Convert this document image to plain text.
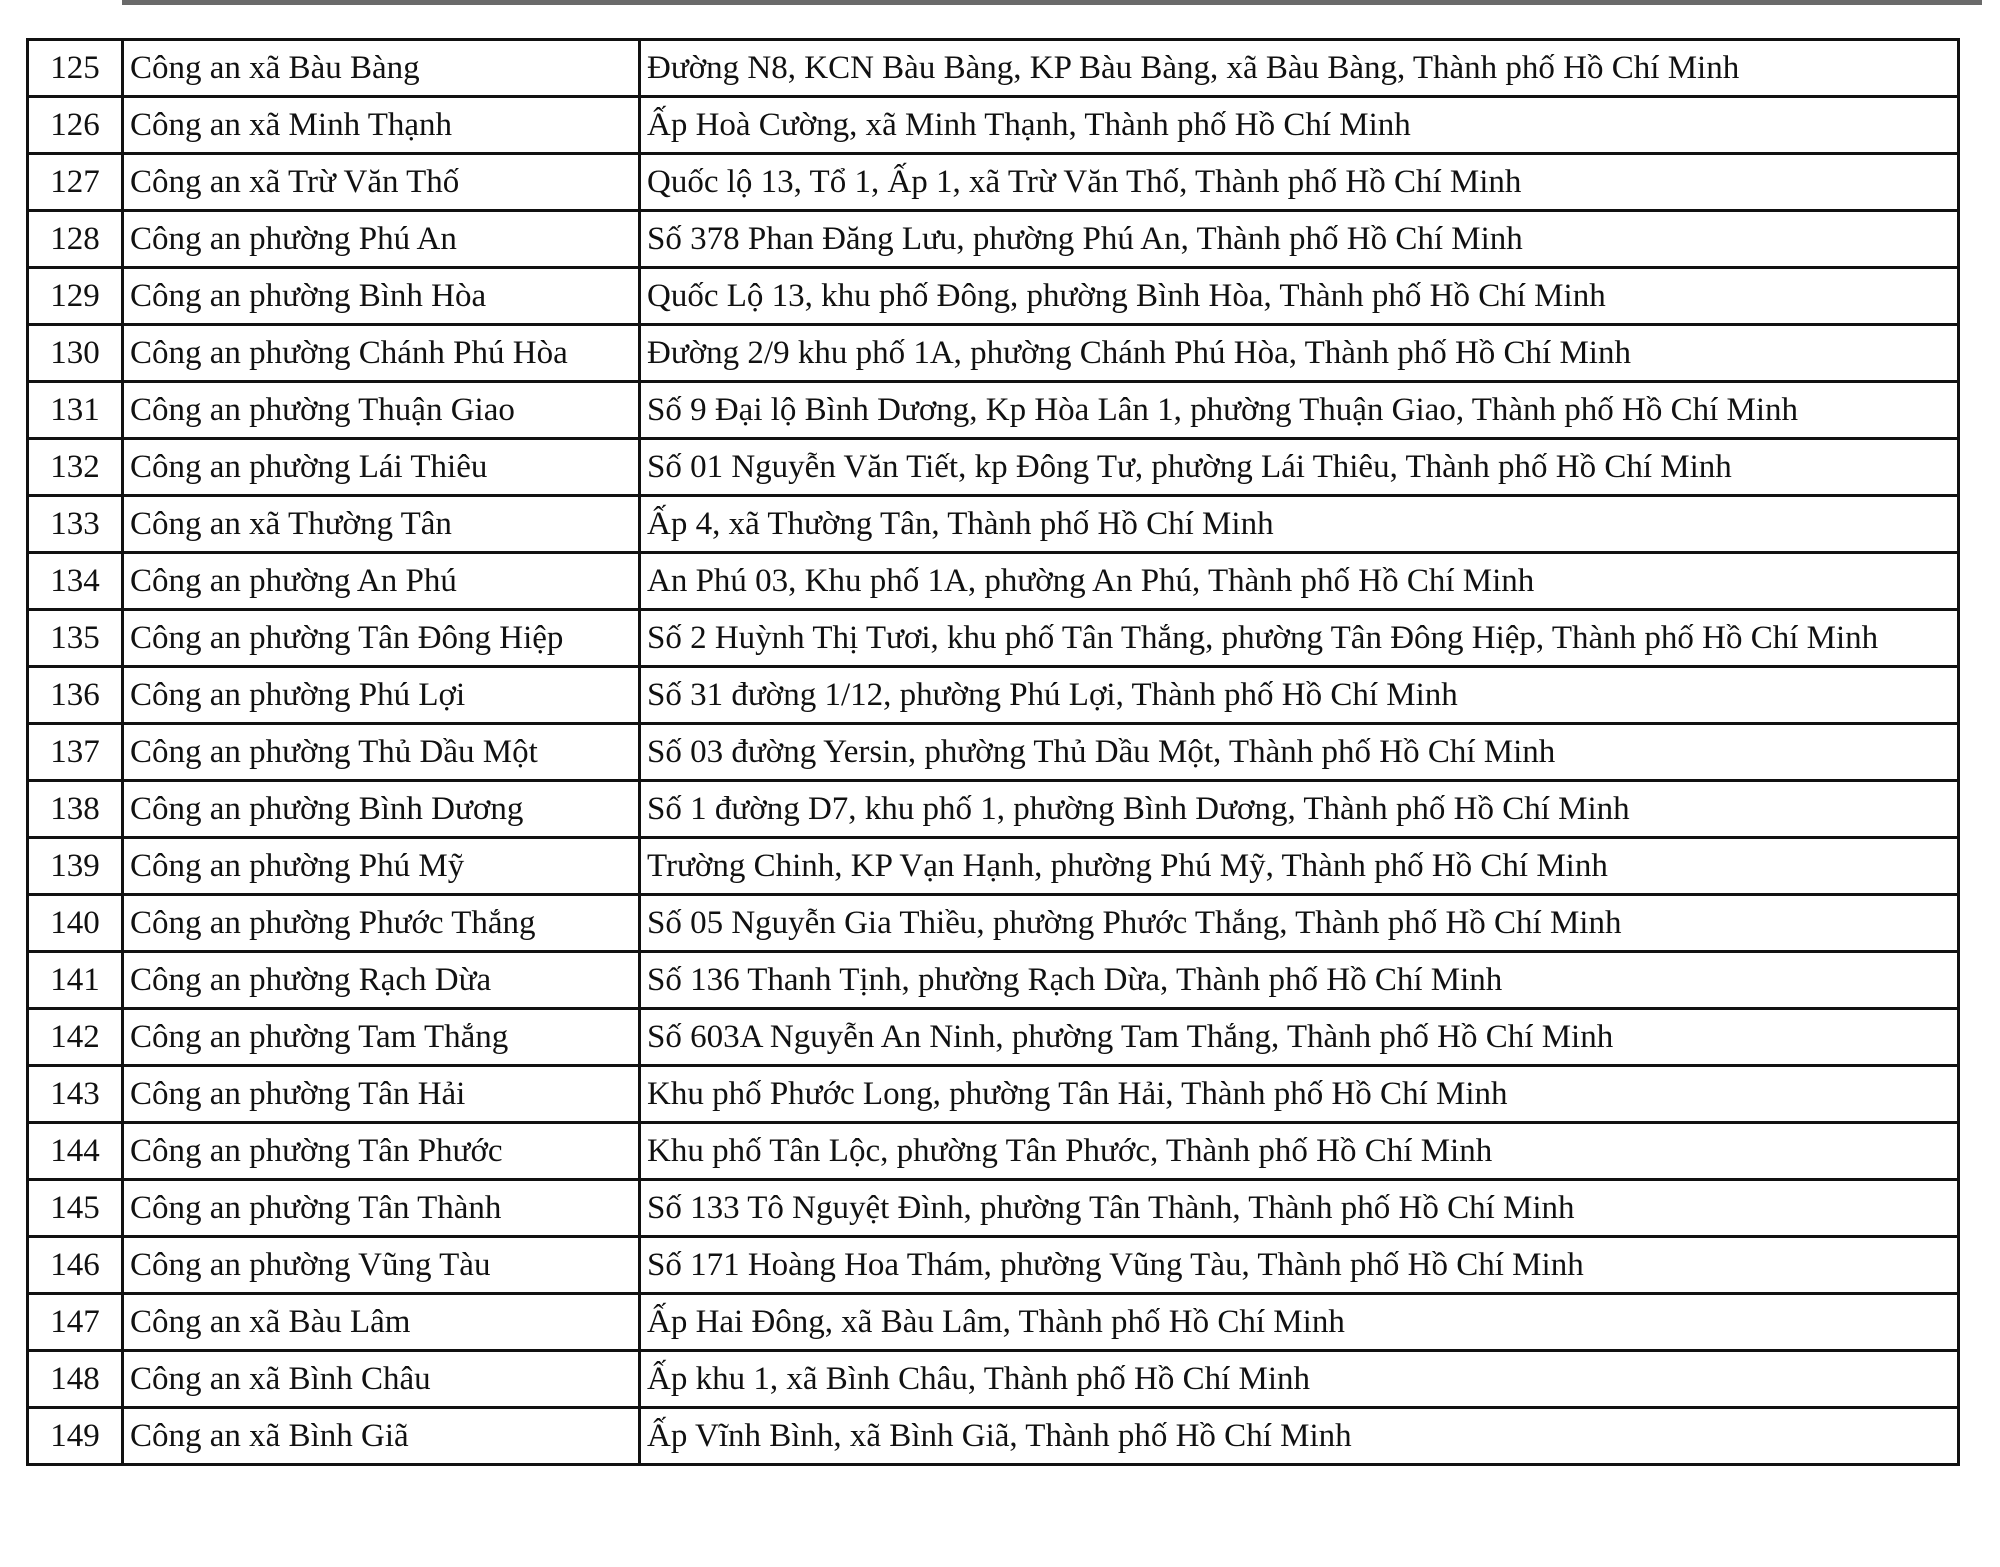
125	Công an xã Bàu Bàng	Đường N8, KCN Bàu Bàng, KP Bàu Bàng, xã Bàu Bàng, Thành phố Hồ Chí Minh
126	Công an xã Minh Thạnh	Ấp Hoà Cường, xã Minh Thạnh, Thành phố Hồ Chí Minh
127	Công an xã Trừ Văn Thố	Quốc lộ 13, Tổ 1, Ấp 1, xã Trừ Văn Thố, Thành phố Hồ Chí Minh
128	Công an phường Phú An	Số 378 Phan Đăng Lưu, phường Phú An, Thành phố Hồ Chí Minh
129	Công an phường Bình Hòa	Quốc Lộ 13, khu phố Đông, phường Bình Hòa, Thành phố Hồ Chí Minh
130	Công an phường Chánh Phú Hòa	Đường 2/9 khu phố 1A, phường Chánh Phú Hòa, Thành phố Hồ Chí Minh
131	Công an phường Thuận Giao	Số 9 Đại lộ Bình Dương, Kp Hòa Lân 1, phường Thuận Giao, Thành phố Hồ Chí Minh
132	Công an phường Lái Thiêu	Số 01 Nguyễn Văn Tiết, kp Đông Tư, phường Lái Thiêu, Thành phố Hồ Chí Minh
133	Công an xã Thường Tân	Ấp 4, xã Thường Tân, Thành phố Hồ Chí Minh
134	Công an phường An Phú	An Phú 03, Khu phố 1A, phường An Phú, Thành phố Hồ Chí Minh
135	Công an phường Tân Đông Hiệp	Số 2 Huỳnh Thị Tươi, khu phố Tân Thắng, phường Tân Đông Hiệp, Thành phố Hồ Chí Minh
136	Công an phường Phú Lợi	Số 31 đường 1/12, phường Phú Lợi, Thành phố Hồ Chí Minh
137	Công an phường Thủ Dầu Một	Số 03 đường Yersin, phường Thủ Dầu Một, Thành phố Hồ Chí Minh
138	Công an phường Bình Dương	Số 1 đường D7, khu phố 1, phường Bình Dương, Thành phố Hồ Chí Minh
139	Công an phường Phú Mỹ	Trường Chinh, KP Vạn Hạnh, phường Phú Mỹ, Thành phố Hồ Chí Minh
140	Công an phường Phước Thắng	Số 05 Nguyễn Gia Thiều, phường Phước Thắng, Thành phố Hồ Chí Minh
141	Công an phường Rạch Dừa	Số 136 Thanh Tịnh, phường Rạch Dừa, Thành phố Hồ Chí Minh
142	Công an phường Tam Thắng	Số 603A Nguyễn An Ninh, phường Tam Thắng, Thành phố Hồ Chí Minh
143	Công an phường Tân Hải	Khu phố Phước Long, phường Tân Hải, Thành phố Hồ Chí Minh
144	Công an phường Tân Phước	Khu phố Tân Lộc, phường Tân Phước, Thành phố Hồ Chí Minh
145	Công an phường Tân Thành	Số 133 Tô Nguyệt Đình, phường Tân Thành, Thành phố Hồ Chí Minh
146	Công an phường Vũng Tàu	Số 171 Hoàng Hoa Thám, phường Vũng Tàu, Thành phố Hồ Chí Minh
147	Công an xã Bàu Lâm	Ấp Hai Đông, xã Bàu Lâm, Thành phố Hồ Chí Minh
148	Công an xã Bình Châu	Ấp khu 1, xã Bình Châu, Thành phố Hồ Chí Minh
149	Công an xã Bình Giã	Ấp Vĩnh Bình, xã Bình Giã, Thành phố Hồ Chí Minh
